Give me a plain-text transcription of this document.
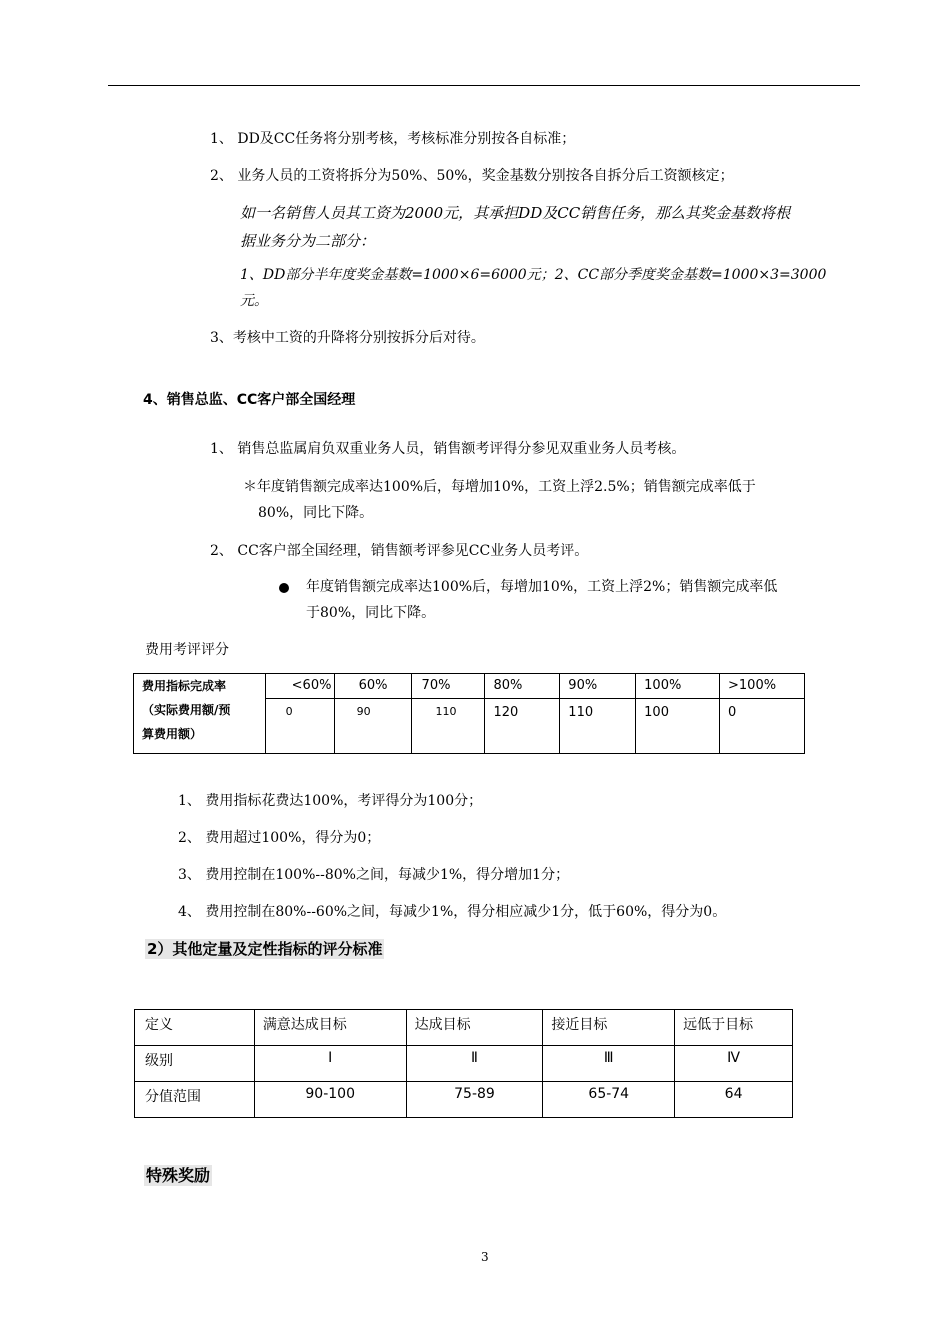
1、 DD及CC任务将分别考核，考核标准分别按各自标准；
2、 业务人员的工资将拆分为50%、50%，奖金基数分别按各自拆分后工资额核定；
如一名销售人员其工资为2000元，其承担DD及CC销售任务，那么其奖金基数将根
据业务分为二部分：
1、DD部分半年度奖金基数=1000×6=6000元；2、CC部分季度奖金基数=1000×3=3000
元。
3、考核中工资的升降将分别按拆分后对待。
4、销售总监、CC客户部全国经理
1、 销售总监属肩负双重业务人员，销售额考评得分参见双重业务人员考核。
＊年度销售额完成率达100%后，每增加10%，工资上浮2.5%；销售额完成率低于
80%，同比下降。
2、 CC客户部全国经理，销售额考评参见CC业务人员考评。
年度销售额完成率达100%后，每增加10%，工资上浮2%；销售额完成率低
于80%，同比下降。
费用考评评分
费用指标完成率
（实际费用额/预
算费用额）	<60%	60%	70%	80%	90%	100%	>100%
	0	90	110	120	110	100	0
1、 费用指标花费达100%，考评得分为100分；
2、 费用超过100%，得分为0；
3、 费用控制在100%--80%之间，每减少1%，得分增加1分；
4、 费用控制在80%--60%之间，每减少1%，得分相应减少1分，低于60%，得分为0。
2）其他定量及定性指标的评分标准
定义	满意达成目标	达成目标	接近目标	远低于目标
级别	Ⅰ	Ⅱ	Ⅲ	Ⅳ
分值范围	90-100	75-89	65-74	64
特殊奖励
3
